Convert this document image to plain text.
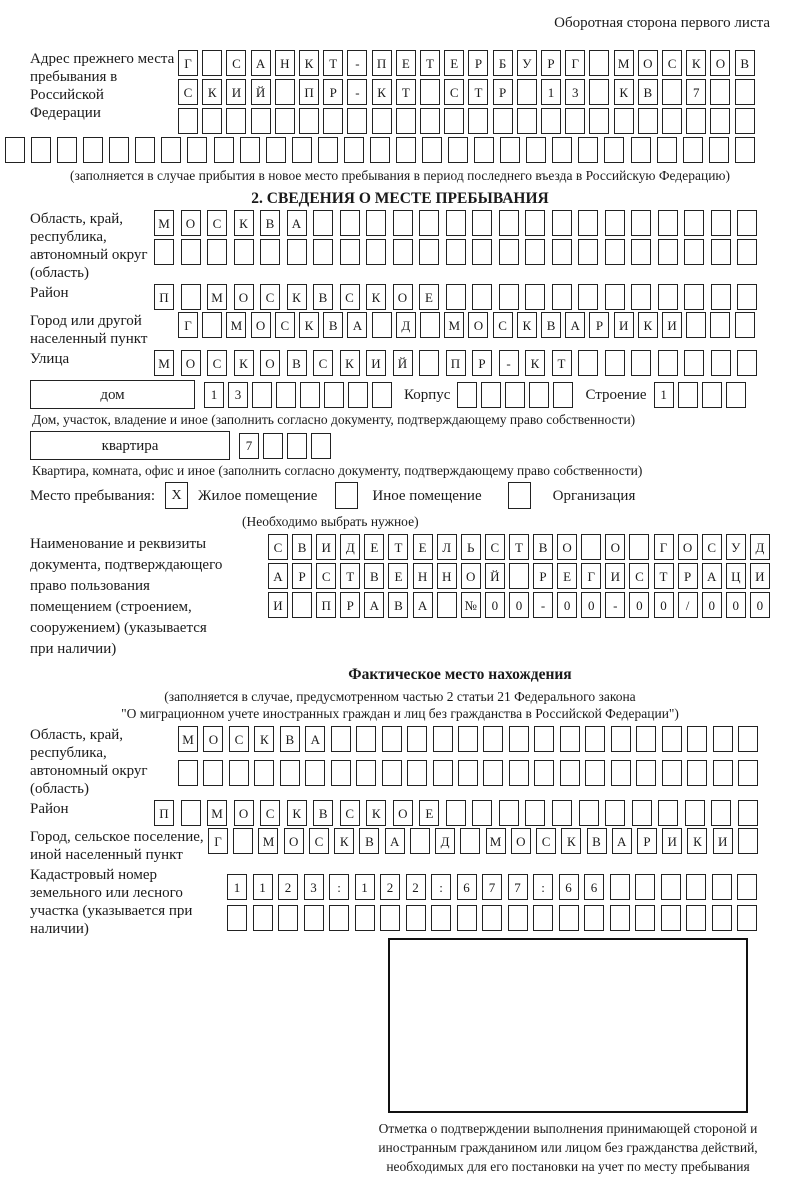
Оборотная сторона первого листа
Адрес прежнего места пребывания в Российской Федерации
Г	С	А	Н	К	Т	-	П	Е	Т	Е	Р	Б	У	Р	Г	М	О	С	К	О	В
С	К	И	Й	П	Р	-	К	Т	С	Т	Р	1	3	К	В	7
(заполняется в случае прибытия в новое место пребывания в период последнего въезда в Российскую Федерацию)
2. СВЕДЕНИЯ О МЕСТЕ ПРЕБЫВАНИЯ
Область, край, республика, автономный округ (область)
М	О	С	К	В	А
Район	П	М	О	С	К	В	С	К	О	Е
Город или другой населенный пункт
Г	М	О	С	К	В	А	Д	М	О	С	К	В	А	Р	И	К	И
Улица	М	О	С	К	О	В	С	К	И	Й	П	Р	-	К	Т
дом	1	3	Корпус	Строение	1
Дом, участок, владение и иное (заполнить согласно документу, подтверждающему право собственности)
квартира	7
Квартира, комната, офис и иное (заполнить согласно документу, подтверждающему право собственности)
Место пребывания:	X	Жилое помещение	Иное помещение	Организация
(Необходимо выбрать нужное)
Наименование и реквизиты
документа, подтверждающего
право пользования
помещением (строением,
сооружением) (указывается
при наличии)
С	В	И	Д	Е	Т	Е	Л	Ь	С	Т	В	О	О	Г	О	С	У	Д
А	Р	С	Т	В	Е	Н	Н	О	Й	Р	Е	Г	И	С	Т	Р	А	Ц	И
И	П	Р	А	В	А	№	0	0	-	0	0	-	0	0	/	0	0	0
Фактическое место нахождения
(заполняется в случае, предусмотренном частью 2 статьи 21 Федерального закона
"О миграционном учете иностранных граждан и лиц без гражданства в Российской Федерации")
Область, край, республика, автономный округ (область)
М	О	С	К	В	А
Район	П	М	О	С	К	В	С	К	О	Е
Город, сельское поселение, иной населенный пункт
Г	М	О	С	К	В	А	Д	М	О	С	К	В	А	Р	И	К	И
Кадастровый номер земельного или лесного участка (указывается при наличии)
1	1	2	3	:	1	2	2	:	6	7	7	:	6	6
Отметка о подтверждении выполнения принимающей стороной и иностранным гражданином или лицом без гражданства действий, необходимых для его постановки на учет по месту пребывания
